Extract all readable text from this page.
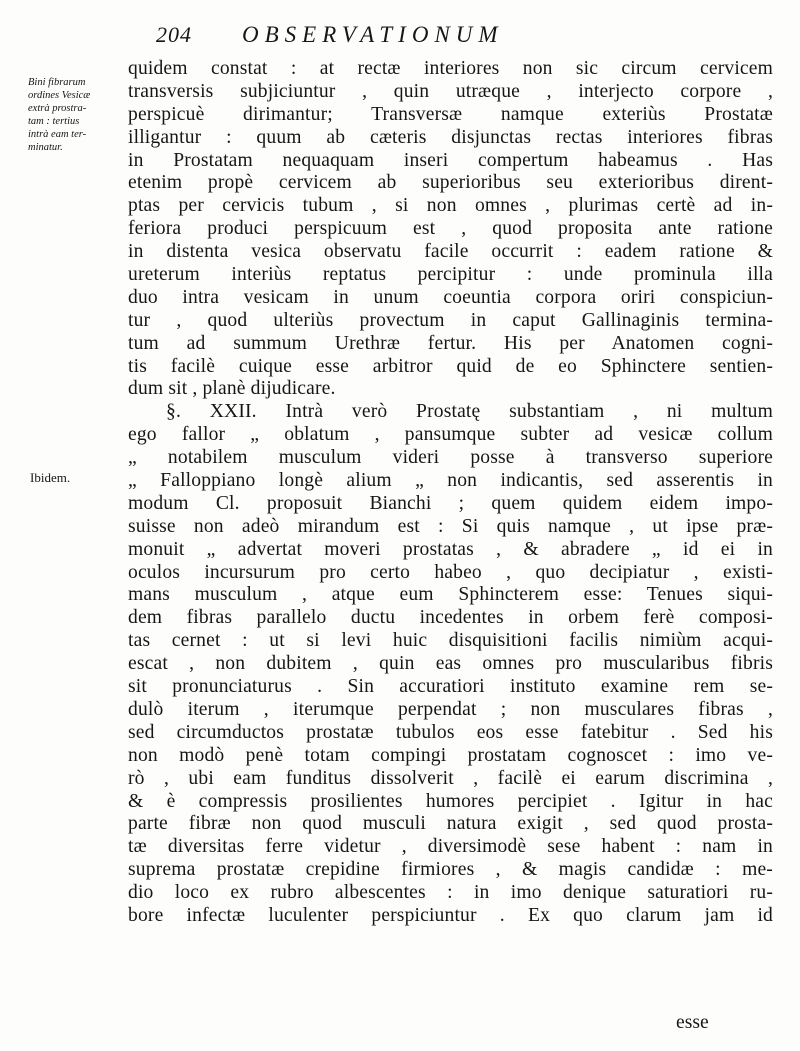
204 OBSERVATIONUM
Bini fibrarum
ordines Vesicæ
extrà prostra-
tam : tertius
intrà eam ter-
minatur.
Ibidem.
quidem constat : at rectæ interiores non sic circum cervicem
transversis subjiciuntur , quin utræque , interjecto corpore ,
perspicuè dirimantur; Transversæ namque exteriùs Prostatæ
illigantur : quum ab cæteris disjunctas rectas interiores fibras
in Prostatam nequaquam inseri compertum habeamus . Has
etenim propè cervicem ab superioribus seu exterioribus dirent-
ptas per cervicis tubum , si non omnes , plurimas certè ad in-
feriora produci perspicuum est , quod proposita ante ratione
in distenta vesica observatu facile occurrit : eadem ratione &
ureterum interiùs reptatus percipitur : unde prominula illa
duo intra vesicam in unum coeuntia corpora oriri conspiciun-
tur , quod ulteriùs provectum in caput Gallinaginis termina-
tum ad summum Urethræ fertur. His per Anatomen cogni-
tis facilè cuique esse arbitror quid de eo Sphinctere sentien-
dum sit , planè dijudicare.
§. XXII. Intrà verò Prostatę substantiam , ni multum
ego fallor „ oblatum , pansumque subter ad vesicæ collum
„ notabilem musculum videri posse à transverso superiore
„ Falloppiano longè alium „ non indicantis, sed asserentis in
modum Cl. proposuit Bianchi ; quem quidem eidem impo-
suisse non adeò mirandum est : Si quis namque , ut ipse præ-
monuit „ advertat moveri prostatas , & abradere „ id ei in
oculos incursurum pro certo habeo , quo decipiatur , existi-
mans musculum , atque eum Sphincterem esse: Tenues siqui-
dem fibras parallelo ductu incedentes in orbem ferè composi-
tas cernet : ut si levi huic disquisitioni facilis nimiùm acqui-
escat , non dubitem , quin eas omnes pro muscularibus fibris
sit pronunciaturus . Sin accuratiori instituto examine rem se-
dulò iterum , iterumque perpendat ; non musculares fibras ,
sed circumductos prostatæ tubulos eos esse fatebitur . Sed his
non modò penè totam compingi prostatam cognoscet : imo ve-
rò , ubi eam funditus dissolverit , facilè ei earum discrimina ,
& è compressis prosilientes humores percipiet . Igitur in hac
parte fibræ non quod musculi natura exigit , sed quod prosta-
tæ diversitas ferre videtur , diversimodè sese habent : nam in
suprema prostatæ crepidine firmiores , & magis candidæ : me-
dio loco ex rubro albescentes : in imo denique saturatiori ru-
bore infectæ luculenter perspiciuntur . Ex quo clarum jam id
esse
